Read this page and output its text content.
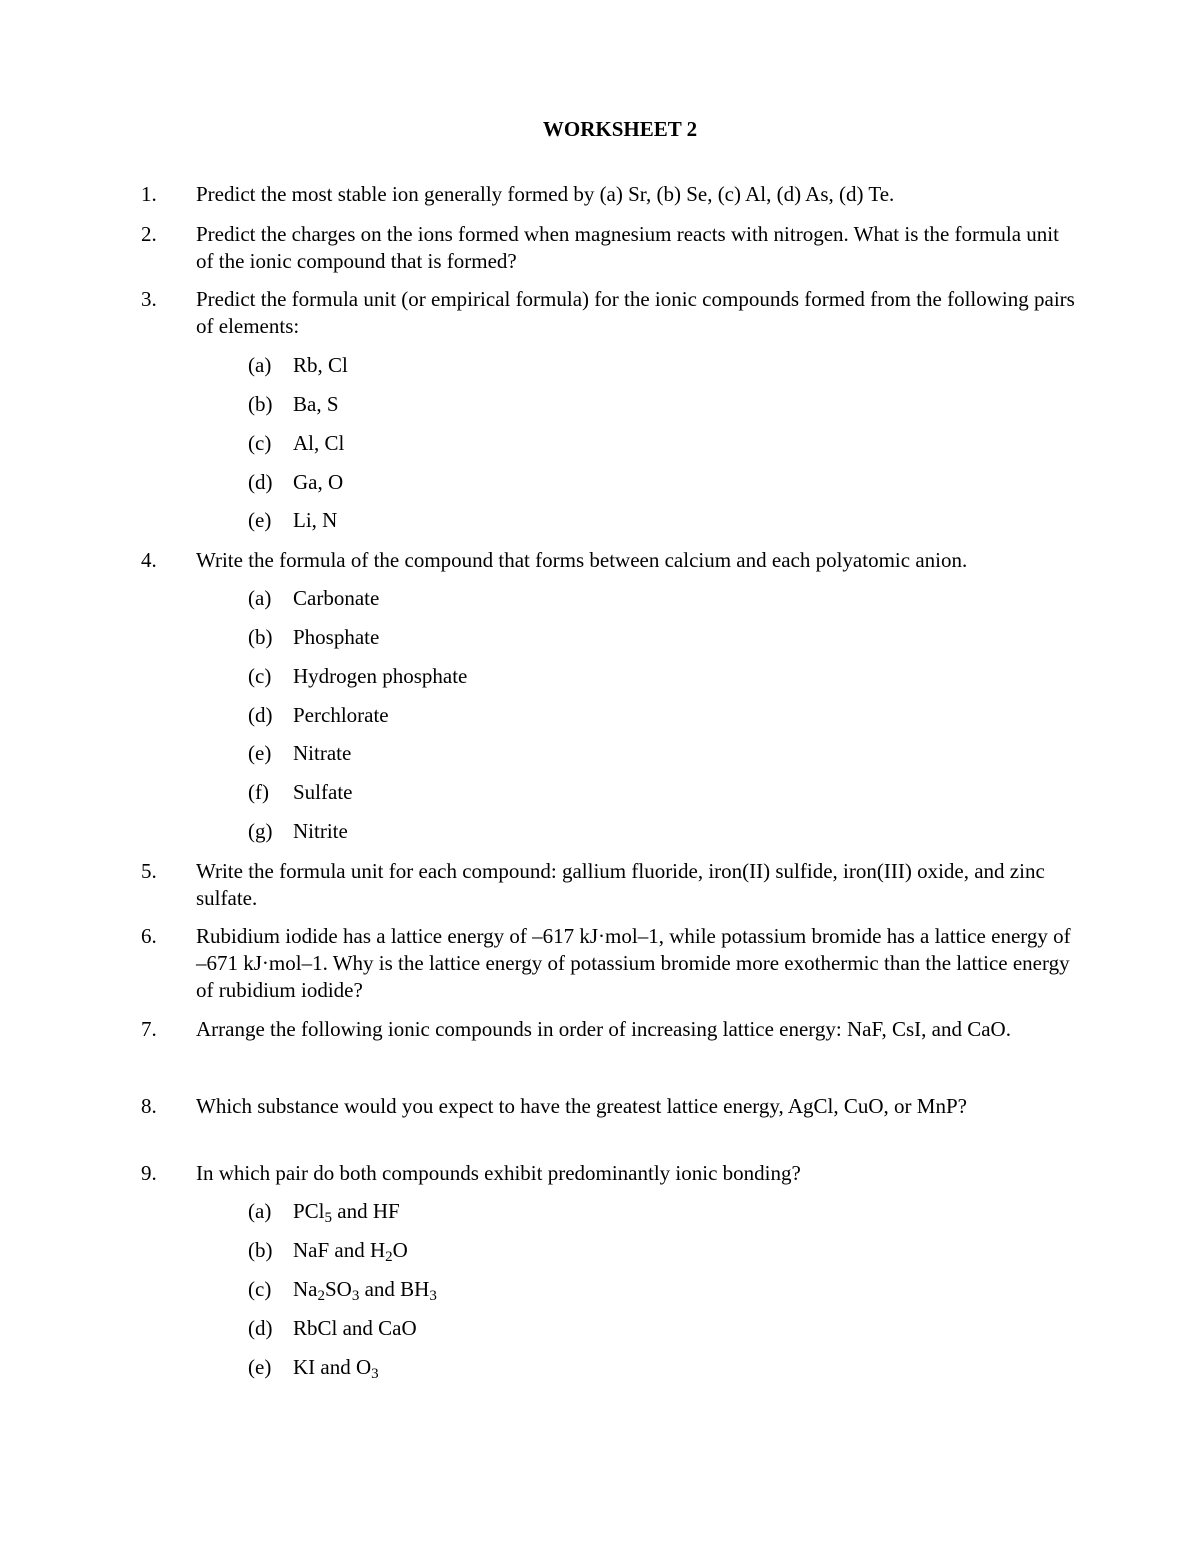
WORKSHEET 2
1.	Predict the most stable ion generally formed by (a) Sr, (b) Se, (c) Al, (d) As, (d) Te.
2.	Predict the charges on the ions formed when magnesium reacts with nitrogen. What is the formula unit of the ionic compound that is formed?
3.	Predict the formula unit (or empirical formula) for the ionic compounds formed from the following pairs of elements:
(a)	Rb, Cl
(b) Ba, S
(c)	Al, Cl
(d) Ga, O
(e)	Li, N
4.	Write the formula of the compound that forms between calcium and each polyatomic anion.
(a)	Carbonate
(b) Phosphate
(c)	Hydrogen phosphate
(d) Perchlorate
(e)	Nitrate
(f)	Sulfate
(g) Nitrite
5.	Write the formula unit for each compound: gallium fluoride, iron(II) sulfide, iron(III) oxide, and zinc sulfate.
6.	Rubidium iodide has a lattice energy of –617 kJ·mol–1, while potassium bromide has a lattice energy of –671 kJ·mol–1. Why is the lattice energy of potassium bromide more exothermic than the lattice energy of rubidium iodide?
7.	Arrange the following ionic compounds in order of increasing lattice energy: NaF, CsI, and CaO.
8.	Which substance would you expect to have the greatest lattice energy, AgCl, CuO, or MnP?
9.	In which pair do both compounds exhibit predominantly ionic bonding?
(a)	PCl$_5$ and HF
(b) NaF and $H_2O$
(c)	$Na_2SO_3$ and $BH_3$
(d) RbCl and CaO
(e)	KI and $O_3$
